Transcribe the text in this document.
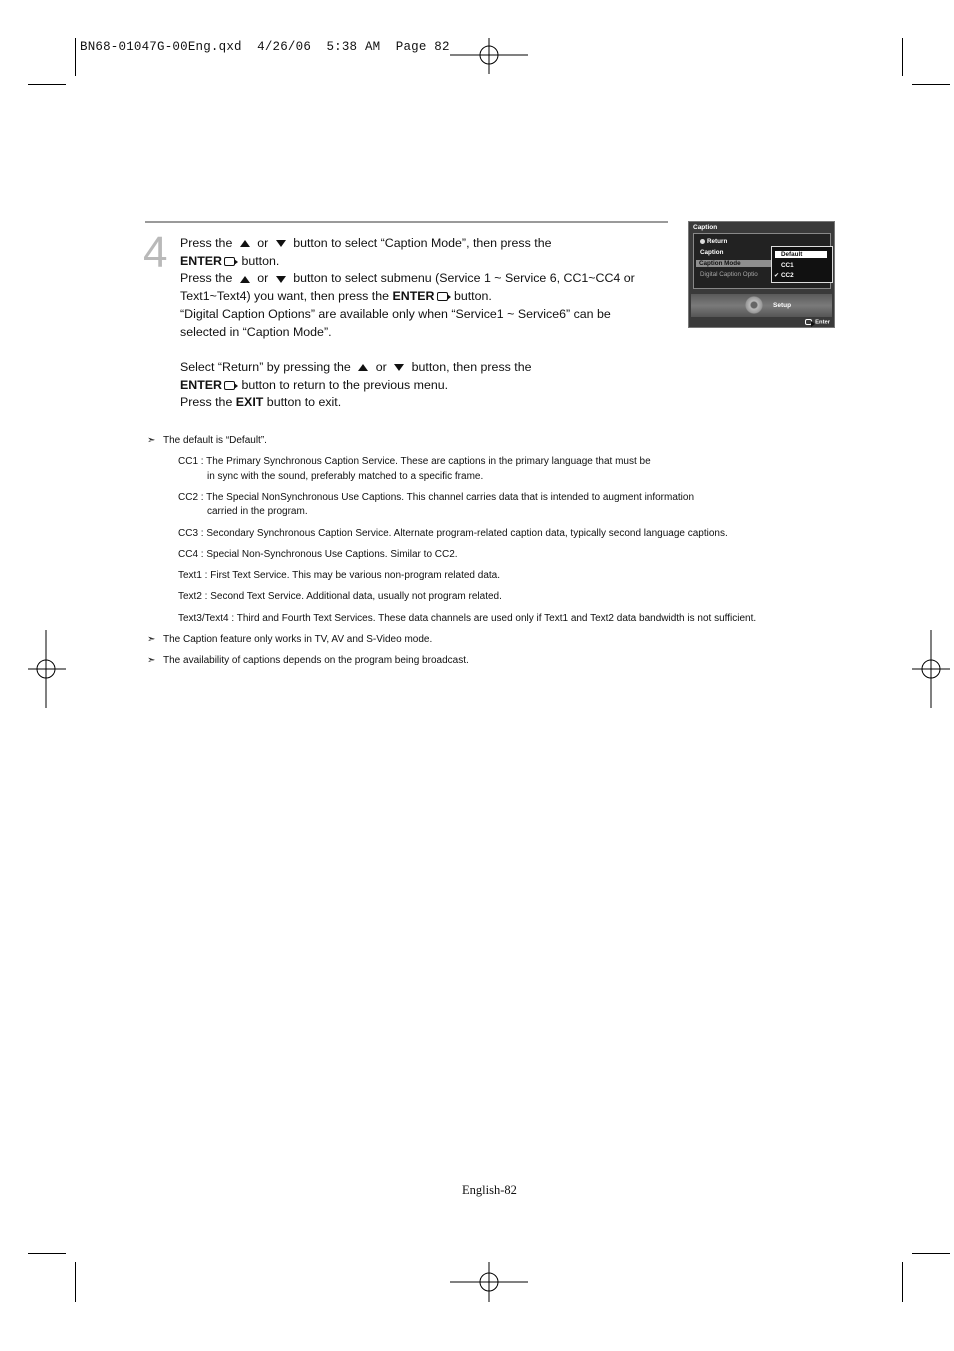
BN68-01047G-00Eng.qxd  4/26/06  5:38 AM  Page 82
4 Press the or button to select “Caption Mode”, then press the

ENTER button.

Press the or button to select submenu (Service 1 ~ Service 6, CC1~CC4 or

Text1~Text4) you want, then press the ENTER button.

“Digital Caption Options” are available only when “Service1 ~ Service6” can be

selected in “Caption Mode”.

Select “Return” by pressing the or button, then press the

ENTER button to return to the previous menu.

Press the EXIT button to exit.

Caption
Return
Caption
Caption Mode
Digital Caption Optio
Default
CC1
✔ CC2
Setup
Enter
➣ The default is “Default”.
CC1 : The Primary Synchronous Caption Service. These are captions in the primary language that must be
in sync with the sound, preferably matched to a specific frame.
CC2 : The Special NonSynchronous Use Captions. This channel carries data that is intended to augment information
carried in the program.
CC3 : Secondary Synchronous Caption Service. Alternate program-related caption data, typically second language captions.
CC4 : Special Non-Synchronous Use Captions. Similar to CC2.
Text1 : First Text Service. This may be various non-program related data.
Text2 : Second Text Service. Additional data, usually not program related.
Text3/Text4 : Third and Fourth Text Services. These data channels are used only if Text1 and Text2 data bandwidth is not sufficient.
➣ The Caption feature only works in TV, AV and S-Video mode.
➣ The availability of captions depends on the program being broadcast.
English-82
